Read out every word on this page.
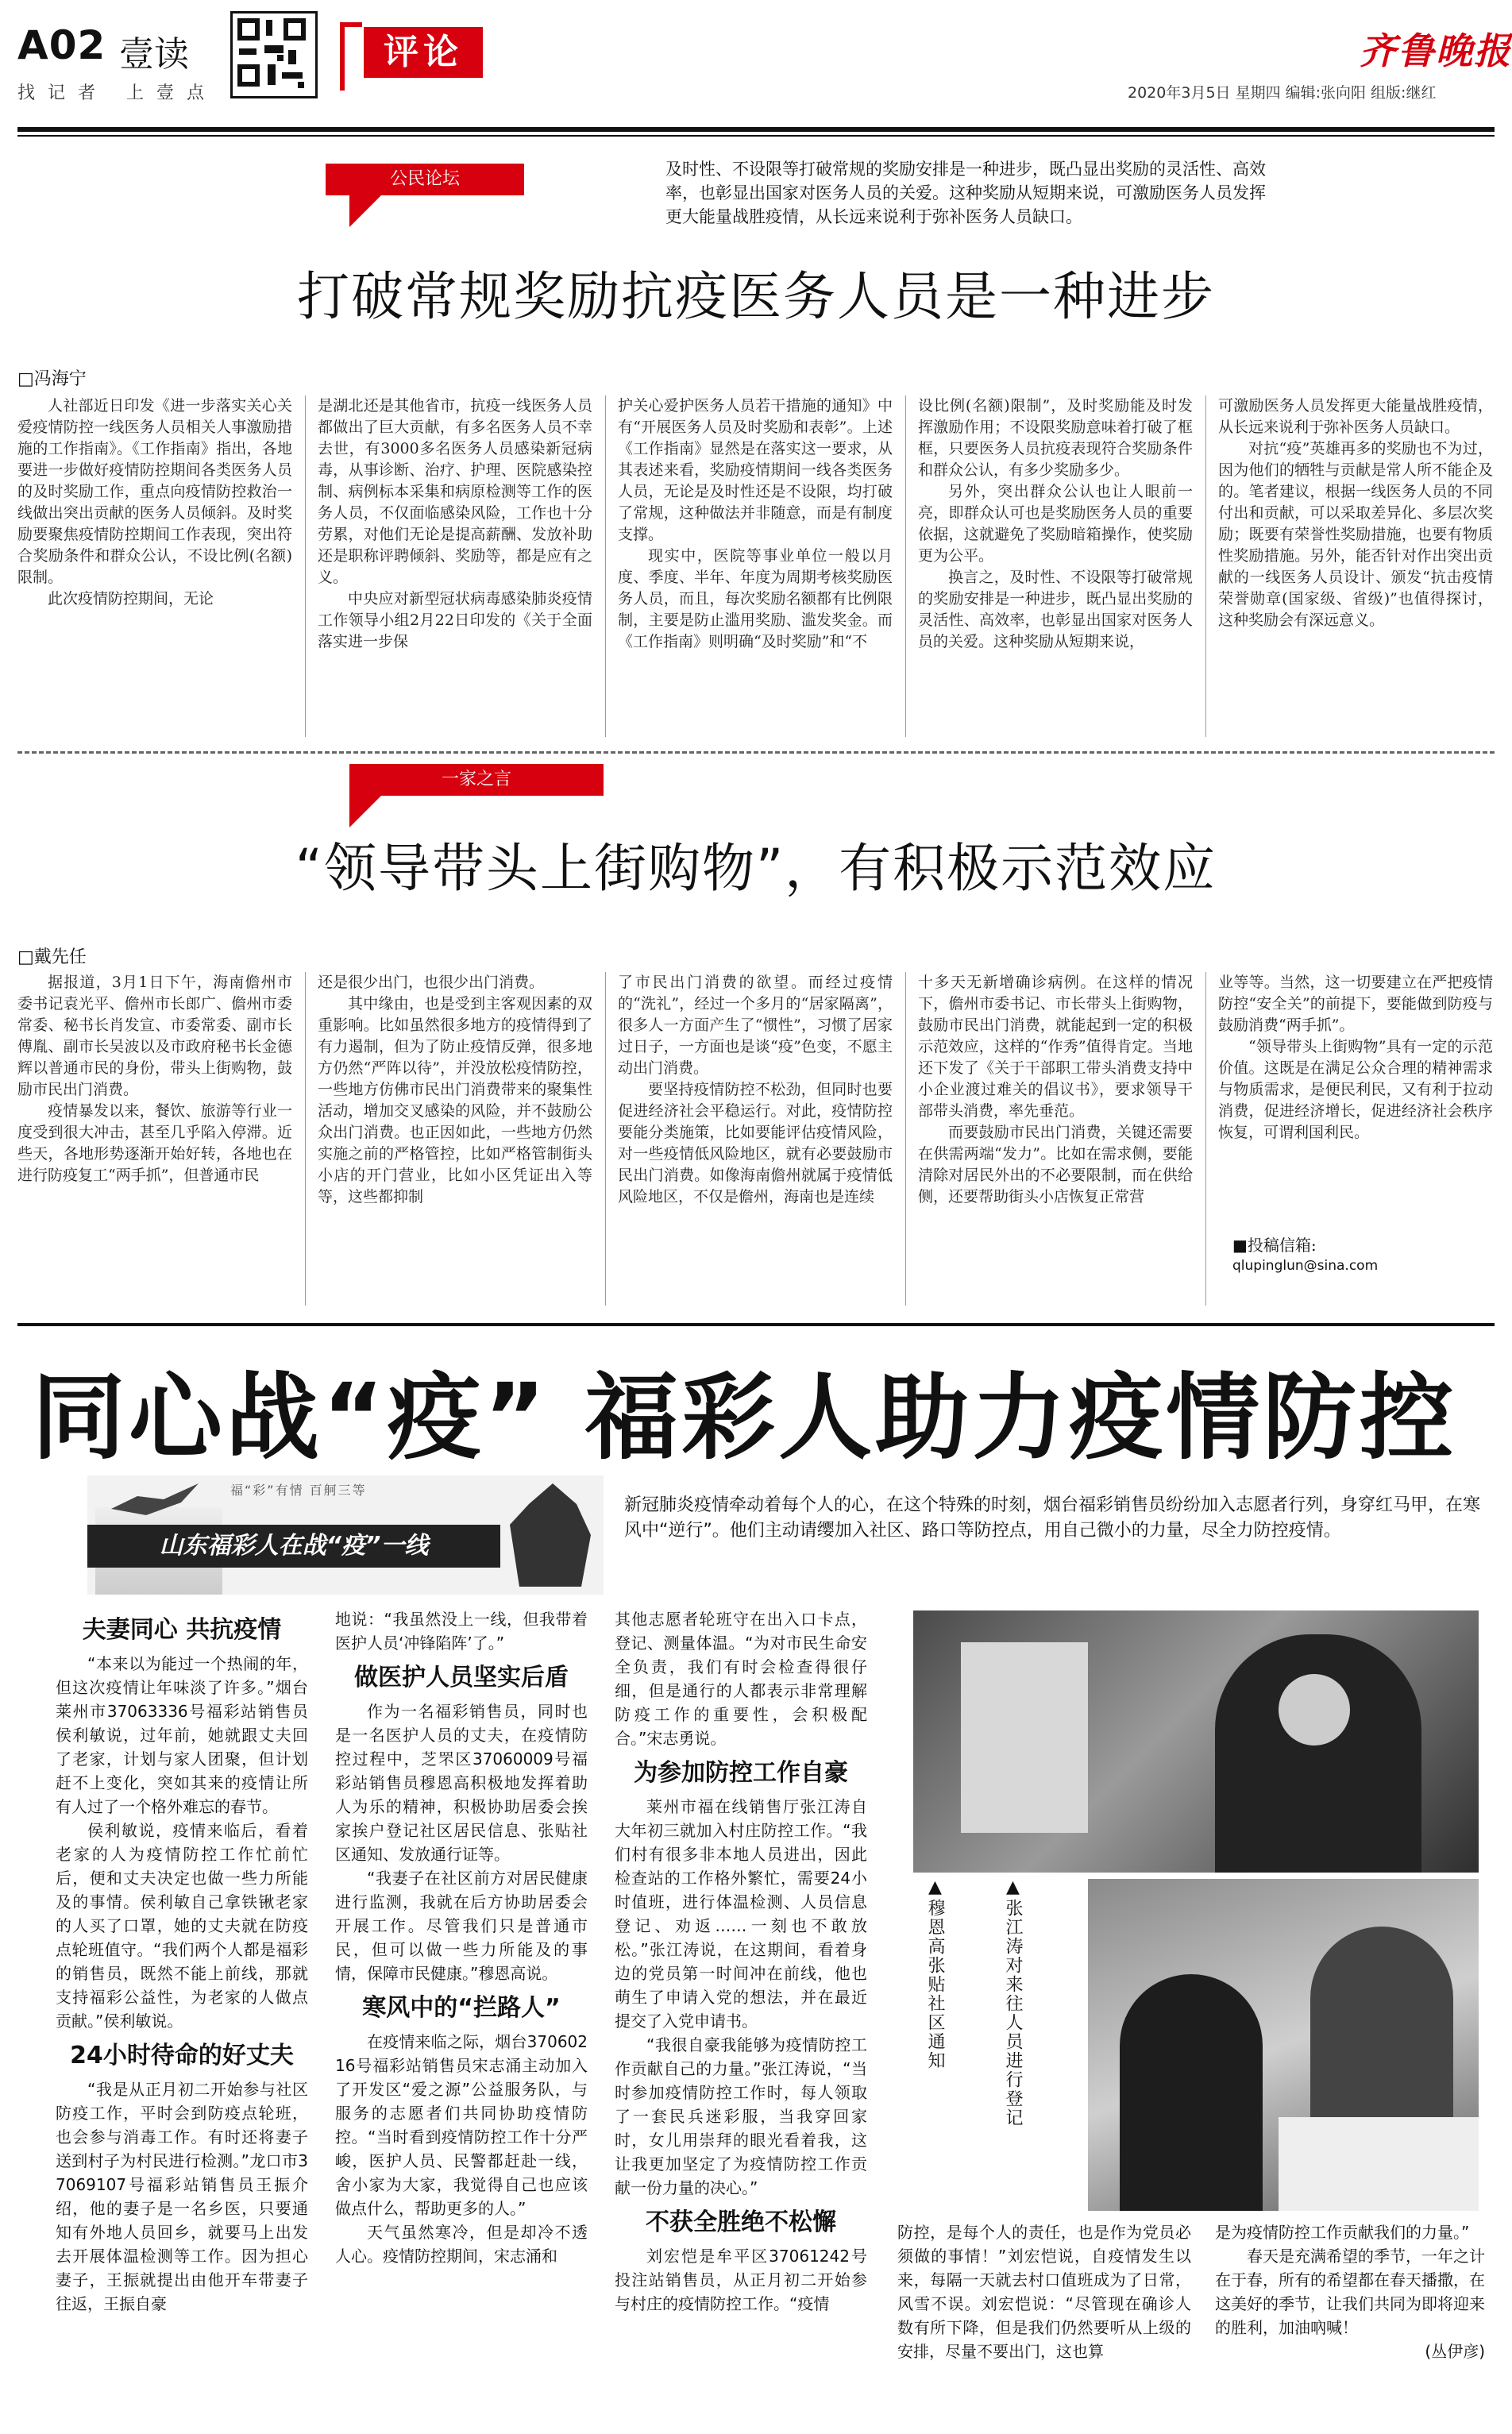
A02 壹读
找记者 上壹点
评论	齐鲁晚报
2020年3月5日 星期四 编辑:张向阳 组版:继红
公民论坛	及时性、不设限等打破常规的奖励安排是一种进步，既凸显出奖励的灵活性、高效率，也彰显出国家对医务人员的关爱。这种奖励从短期来说，可激励医务人员发挥更大能量战胜疫情，从长远来说利于弥补医务人员缺口。
打破常规奖励抗疫医务人员是一种进步
□冯海宁

人社部近日印发《进一步落实关心关爱疫情防控一线医务人员相关人事激励措施的工作指南》。《工作指南》指出，各地要进一步做好疫情防控期间各类医务人员的及时奖励工作，重点向疫情防控救治一线做出突出贡献的医务人员倾斜。及时奖励要聚焦疫情防控期间工作表现，突出符合奖励条件和群众公认，不设比例(名额)限制。

此次疫情防控期间，无论

是湖北还是其他省市，抗疫一线医务人员都做出了巨大贡献，有多名医务人员不幸去世，有3000多名医务人员感染新冠病毒，从事诊断、治疗、护理、医院感染控制、病例标本采集和病原检测等工作的医务人员，不仅面临感染风险，工作也十分劳累，对他们无论是提高薪酬、发放补助还是职称评聘倾斜、奖励等，都是应有之义。

中央应对新型冠状病毒感染肺炎疫情工作领导小组2月22日印发的《关于全面落实进一步保

护关心爱护医务人员若干措施的通知》中有“开展医务人员及时奖励和表彰”。上述《工作指南》显然是在落实这一要求，从其表述来看，奖励疫情期间一线各类医务人员，无论是及时性还是不设限，均打破了常规，这种做法并非随意，而是有制度支撑。

现实中，医院等事业单位一般以月度、季度、半年、年度为周期考核奖励医务人员，而且，每次奖励名额都有比例限制，主要是防止滥用奖励、滥发奖金。而《工作指南》则明确“及时奖励”和“不

设比例(名额)限制”，及时奖励能及时发挥激励作用；不设限奖励意味着打破了框框，只要医务人员抗疫表现符合奖励条件和群众公认，有多少奖励多少。

另外，突出群众公认也让人眼前一亮，即群众认可也是奖励医务人员的重要依据，这就避免了奖励暗箱操作，使奖励更为公平。

换言之，及时性、不设限等打破常规的奖励安排是一种进步，既凸显出奖励的灵活性、高效率，也彰显出国家对医务人员的关爱。这种奖励从短期来说，

可激励医务人员发挥更大能量战胜疫情，从长远来说利于弥补医务人员缺口。

对抗“疫”英雄再多的奖励也不为过，因为他们的牺牲与贡献是常人所不能企及的。笔者建议，根据一线医务人员的不同付出和贡献，可以采取差异化、多层次奖励；既要有荣誉性奖励措施，也要有物质性奖励措施。另外，能否针对作出突出贡献的一线医务人员设计、颁发“抗击疫情荣誉勋章(国家级、省级)”也值得探讨，这种奖励会有深远意义。

一家之言
“领导带头上街购物”，有积极示范效应
□戴先任

据报道，3月1日下午，海南儋州市委书记袁光平、儋州市长郎广、儋州市委常委、秘书长肖发宣、市委常委、副市长傅胤、副市长吴波以及市政府秘书长金德辉以普通市民的身份，带头上街购物，鼓励市民出门消费。

疫情暴发以来，餐饮、旅游等行业一度受到很大冲击，甚至几乎陷入停滞。近些天，各地形势逐渐开始好转，各地也在进行防疫复工“两手抓”，但普通市民

还是很少出门，也很少出门消费。

其中缘由，也是受到主客观因素的双重影响。比如虽然很多地方的疫情得到了有力遏制，但为了防止疫情反弹，很多地方仍然“严阵以待”，并没放松疫情防控，一些地方仿佛市民出门消费带来的聚集性活动，增加交叉感染的风险，并不鼓励公众出门消费。也正因如此，一些地方仍然实施之前的严格管控，比如严格管制街头小店的开门营业，比如小区凭证出入等等，这些都抑制

了市民出门消费的欲望。而经过疫情的“洗礼”，经过一个多月的“居家隔离”，很多人一方面产生了“惯性”，习惯了居家过日子，一方面也是谈“疫”色变，不愿主动出门消费。

要坚持疫情防控不松劲，但同时也要促进经济社会平稳运行。对此，疫情防控要能分类施策，比如要能评估疫情风险，对一些疫情低风险地区，就有必要鼓励市民出门消费。如像海南儋州就属于疫情低风险地区，不仅是儋州，海南也是连续

十多天无新增确诊病例。在这样的情况下，儋州市委书记、市长带头上街购物，鼓励市民出门消费，就能起到一定的积极示范效应，这样的“作秀”值得肯定。当地还下发了《关于干部职工带头消费支持中小企业渡过难关的倡议书》，要求领导干部带头消费，率先垂范。

而要鼓励市民出门消费，关键还需要在供需两端“发力”。比如在需求侧，要能清除对居民外出的不必要限制，而在供给侧，还要帮助街头小店恢复正常营

业等等。当然，这一切要建立在严把疫情防控“安全关”的前提下，要能做到防疫与鼓励消费“两手抓”。

“领导带头上街购物”具有一定的示范价值。这既是在满足公众合理的精神需求与物质需求，是便民利民，又有利于拉动消费，促进经济增长，促进经济社会秩序恢复，可谓利国利民。

■投稿信箱:
qlupinglun@sina.com
同心战“疫” 福彩人助力疫情防控
福“彩”有情 百舸三等
山东福彩人在战“疫”一线
新冠肺炎疫情牵动着每个人的心，在这个特殊的时刻，烟台福彩销售员纷纷加入志愿者行列，身穿红马甲，在寒风中“逆行”。他们主动请缨加入社区、路口等防控点，用自己微小的力量，尽全力防控疫情。
夫妻同心 共抗疫情

“本来以为能过一个热闹的年，但这次疫情让年味淡了许多。”烟台莱州市37063336号福彩站销售员侯利敏说，过年前，她就跟丈夫回了老家，计划与家人团聚，但计划赶不上变化，突如其来的疫情让所有人过了一个格外难忘的春节。

侯利敏说，疫情来临后，看着老家的人为疫情防控工作忙前忙后，便和丈夫决定也做一些力所能及的事情。侯利敏自己拿铁锹老家的人买了口罩，她的丈夫就在防疫点轮班值守。“我们两个人都是福彩的销售员，既然不能上前线，那就支持福彩公益性，为老家的人做点贡献。”侯利敏说。

24小时待命的好丈夫

“我是从正月初二开始参与社区防疫工作，平时会到防疫点轮班，也会参与消毒工作。有时还将妻子送到村子为村民进行检测。”龙口市37069107号福彩站销售员王振介绍，他的妻子是一名乡医，只要通知有外地人员回乡，就要马上出发去开展体温检测等工作。因为担心妻子，王振就提出由他开车带妻子往返，王振自豪

地说：“我虽然没上一线，但我带着医护人员‘冲锋陷阵’了。”

做医护人员坚实后盾

作为一名福彩销售员，同时也是一名医护人员的丈夫，在疫情防控过程中，芝罘区37060009号福彩站销售员穆恩高积极地发挥着助人为乐的精神，积极协助居委会挨家挨户登记社区居民信息、张贴社区通知、发放通行证等。

“我妻子在社区前方对居民健康进行监测，我就在后方协助居委会开展工作。尽管我们只是普通市民，但可以做一些力所能及的事情，保障市民健康。”穆恩高说。

寒风中的“拦路人”

在疫情来临之际，烟台37060216号福彩站销售员宋志涌主动加入了开发区“爱之源”公益服务队，与服务的志愿者们共同协助疫情防控。“当时看到疫情防控工作十分严峻，医护人员、民警都赶赴一线，舍小家为大家，我觉得自己也应该做点什么，帮助更多的人。”

天气虽然寒冷，但是却冷不透人心。疫情防控期间，宋志涌和

其他志愿者轮班守在出入口卡点，登记、测量体温。“为对市民生命安全负责，我们有时会检查得很仔细，但是通行的人都表示非常理解防疫工作的重要性，会积极配合。”宋志勇说。

为参加防控工作自豪

莱州市福在线销售厅张江涛自大年初三就加入村庄防控工作。“我们村有很多非本地人员进出，因此检查站的工作格外繁忙，需要24小时值班，进行体温检测、人员信息登记、劝返……一刻也不敢放松。”张江涛说，在这期间，看着身边的党员第一时间冲在前线，他也萌生了申请入党的想法，并在最近提交了入党申请书。

“我很自豪我能够为疫情防控工作贡献自己的力量。”张江涛说，“当时参加疫情防控工作时，每人领取了一套民兵迷彩服，当我穿回家时，女儿用崇拜的眼光看着我，这让我更加坚定了为疫情防控工作贡献一份力量的决心。”

不获全胜绝不松懈

刘宏恺是牟平区37061242号投注站销售员，从正月初二开始参与村庄的疫情防控工作。“疫情

▲穆恩高张贴社区通知	▲张江涛对来往人员进行登记

防控，是每个人的责任，也是作为党员必须做的事情！”刘宏恺说，自疫情发生以来，每隔一天就去村口值班成为了日常，风雪不误。刘宏恺说：“尽管现在确诊人数有所下降，但是我们仍然要听从上级的安排，尽量不要出门，这也算

是为疫情防控工作贡献我们的力量。”

春天是充满希望的季节，一年之计在于春，所有的希望都在春天播撒，在这美好的季节，让我们共同为即将迎来的胜利，加油吶喊！

(丛伊彦)
